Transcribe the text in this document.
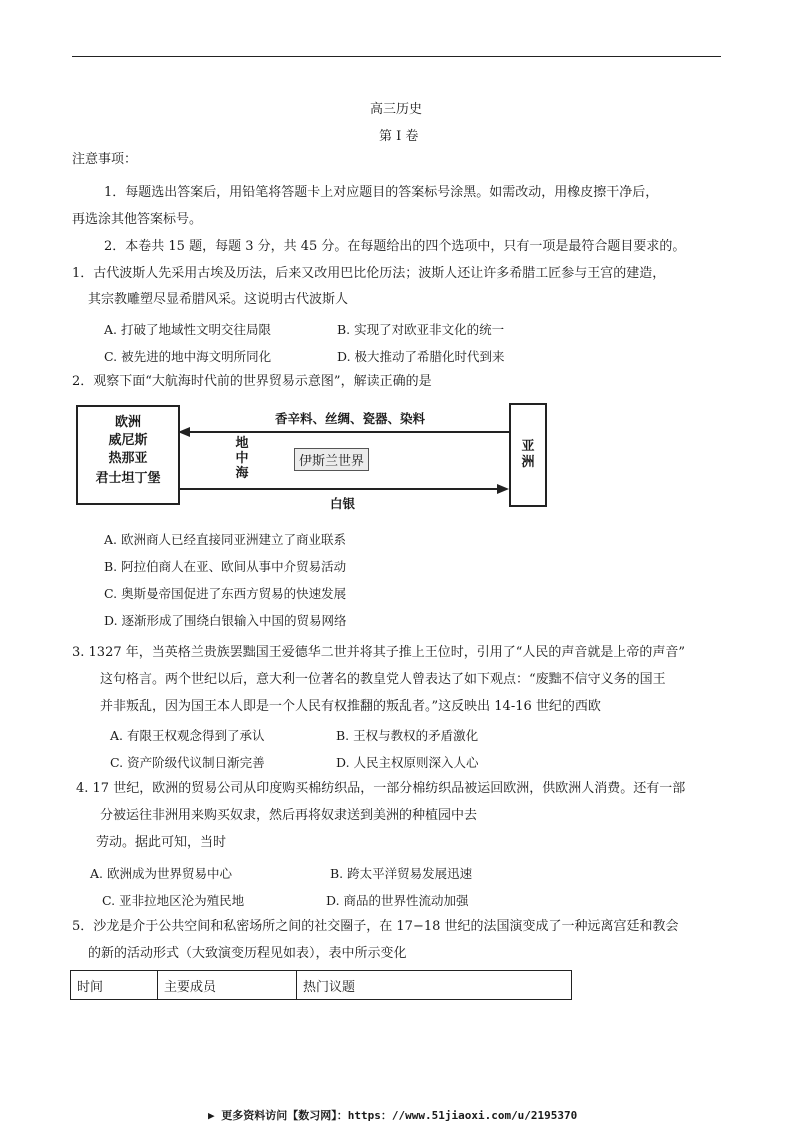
高三历史
第 I 卷
注意事项：
1．每题选出答案后，用铅笔将答题卡上对应题目的答案标号涂黑。如需改动，用橡皮擦干净后，
再选涂其他答案标号。
2．本卷共 15 题，每题 3 分，共 45 分。在每题给出的四个选项中，只有一项是最符合题目要求的。
1．古代波斯人先采用古埃及历法，后来又改用巴比伦历法；波斯人还让许多希腊工匠参与王宫的建造，
其宗教雕塑尽显希腊风采。这说明古代波斯人
A. 打破了地域性文明交往局限	B. 实现了对欧亚非文化的统一
C. 被先进的地中海文明所同化	D. 极大推动了希腊化时代到来
2．观察下面“大航海时代前的世界贸易示意图”，解读正确的是
欧洲
威尼斯
热那亚
君士坦丁堡
亚
洲
香辛料、丝绸、瓷器、染料
地
中
海
伊斯兰世界
白银
A. 欧洲商人已经直接同亚洲建立了商业联系
B. 阿拉伯商人在亚、欧间从事中介贸易活动
C. 奥斯曼帝国促进了东西方贸易的快速发展
D. 逐渐形成了围绕白银输入中国的贸易网络
3. 1327 年，当英格兰贵族罢黜国王爱德华二世并将其子推上王位时，引用了“人民的声音就是上帝的声音”
这句格言。两个世纪以后，意大利一位著名的教皇党人曾表达了如下观点：“废黜不信守义务的国王
并非叛乱，因为国王本人即是一个人民有权推翻的叛乱者。”这反映出 14-16 世纪的西欧
A. 有限王权观念得到了承认	B. 王权与教权的矛盾激化
C. 资产阶级代议制日渐完善	D. 人民主权原则深入人心
4. 17 世纪，欧洲的贸易公司从印度购买棉纺织品，一部分棉纺织品被运回欧洲，供欧洲人消费。还有一部
分被运往非洲用来购买奴隶，然后再将奴隶送到美洲的种植园中去
劳动。据此可知，当时
A. 欧洲成为世界贸易中心	B. 跨太平洋贸易发展迅速
C. 亚非拉地区沦为殖民地	D. 商品的世界性流动加强
5．沙龙是介于公共空间和私密场所之间的社交圈子，在 17−18 世纪的法国演变成了一种远离宫廷和教会
的新的活动形式（大致演变历程见如表），表中所示变化
时间	主要成员	热门议题
▶ 更多资料访问【数习网】：https：//www.51jiaoxi.com/u/2195370
